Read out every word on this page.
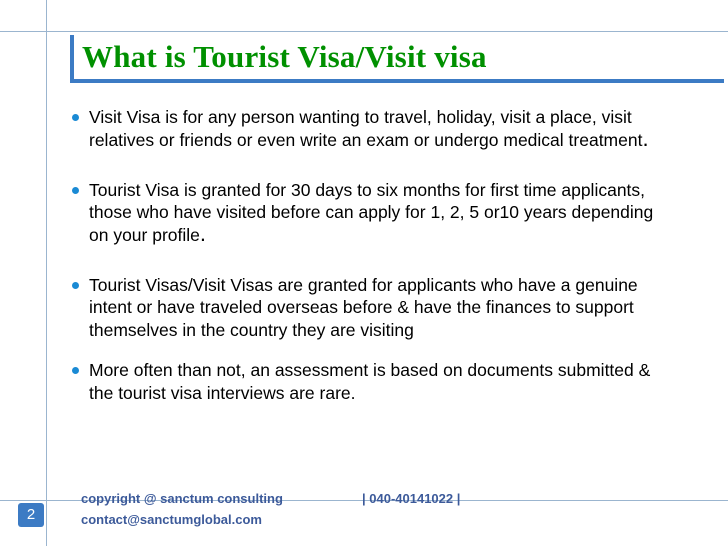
What is Tourist Visa/Visit visa
Visit Visa is for any person wanting to travel, holiday, visit a place, visit relatives or friends or even write an exam or undergo medical treatment.
Tourist Visa is granted for 30 days to six months for first time applicants, those who have visited before can apply for 1, 2, 5 or10 years depending on your profile.
Tourist Visas/Visit Visas are granted for applicants who have a genuine intent or have traveled overseas before & have the finances to support themselves in the country they are visiting
More often than not, an assessment is based on documents submitted & the tourist visa interviews are rare.
copyright @ sanctum consulting
contact@sanctumglobal.com
| 040-40141022 |
2
